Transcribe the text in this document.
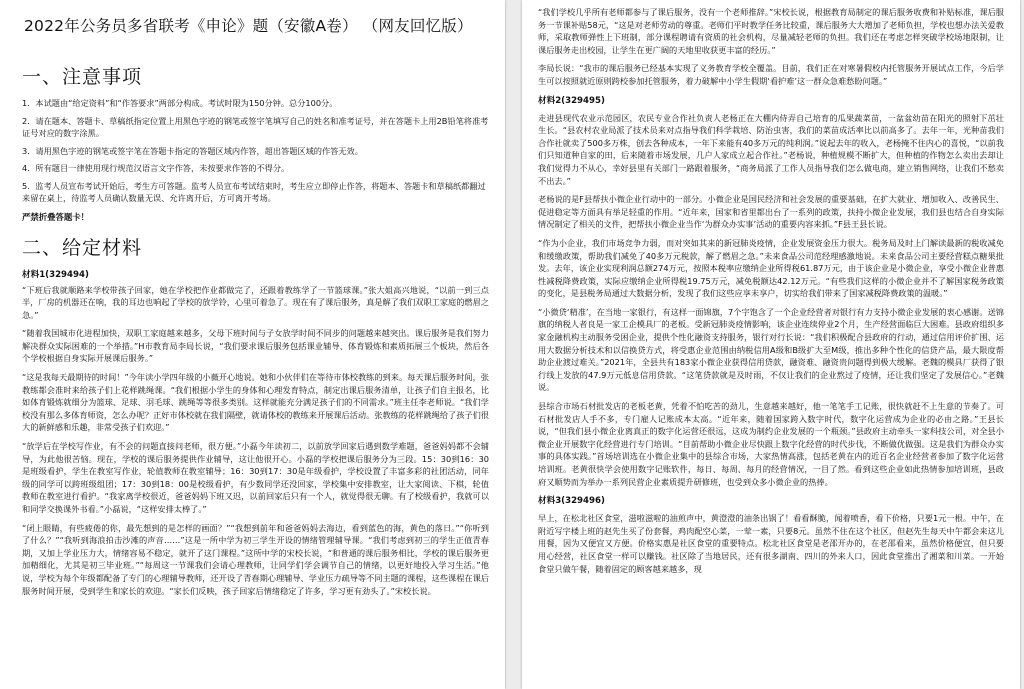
2022年公务员多省联考《申论》题（安徽A卷） （网友回忆版）
一、注意事项
1．本试题由“给定资料”和“作答要求”两部分构成。考试时限为150分钟。总分100分。
2．请在题本、答题卡、草稿纸指定位置上用黑色字迹的钢笔或签字笔填写自己的姓名和准考证号，并在答题卡上用2B铅笔将准考证号对应的数字涂黑。
3．请用黑色字迹的钢笔或签字笔在答题卡指定的答题区域内作答，超出答题区域的作答无效。
4．所有题目一律使用现行规范汉语言文字作答，未按要求作答的不得分。
5．监考人员宣布考试开始后，考生方可答题。监考人员宣布考试结束时，考生应立即停止作答，将题本、答题卡和草稿纸都翻过来留在桌上，待监考人员确认数量无误、允许离开后，方可离开考场。
严禁折叠答题卡！
二、给定材料
材料1(329494)
“下班后我就顺路来学校带孩子回家，她在学校把作业都做完了，还跟着教练学了一节篮球课。”张大姐高兴地说，“以前一到三点半，厂房的机器还在响，我的耳边也响起了学校的放学铃，心里可着急了。现在有了课后服务，真是解了我们双职工家庭的燃眉之急。”
“随着我国城市化进程加快，双职工家庭越来越多，父母下班时间与子女放学时间不同步的问题越来越突出。课后服务是我们努力解决群众实际困难的一个举措。”H市教育局李局长说，“我们要求课后服务包括课业辅导、体育锻炼和素质拓展三个板块，然后各个学校根据自身实际开展课后服务。”
“这是我每天最期待的时间！”今年读小学四年级的小薇开心地说。她和小伙伴们在等待市体校教练的到来。每天课后服务时间，张教练都会准时来给孩子们上花样跳绳课。“我们根据小学生的身体和心理发育特点，制定出课后服务清单，让孩子们自主报名，比如体育锻炼就细分为篮球、足球、羽毛球、跳绳等等很多类别。这样就能充分满足孩子们的不同需求。”班主任李老师说。“我们学校没有那么多体育师资，怎么办呢？正好市体校就在我们隔壁，就请体校的教练来开展课后活动。张教练的花样跳绳给了孩子们很大的新鲜感和乐趣，非常受孩子们欢迎。”
“放学后在学校写作业，有不会的问题直接问老师，很方便。”小磊今年读初二，以前放学回家后遇到数学难题，爸爸妈妈都不会辅导，为此他很苦恼。现在，学校的课后服务提供作业辅导，这让他很开心。小磊的学校把课后服务分为三段。15：30到16：30是班级看护，学生在教室写作业，轮值教师在教室辅导；16：30到17：30是年级看护，学校设置了丰富多彩的社团活动，同年级的同学可以跨班级组团；17：30到18：00是校级看护，有少数同学还没回家，学校集中安排教室，让大家阅读、下棋，轮值教师在教室进行看护。“我家离学校很近，爸爸妈妈下班又迟，以前回家后只有一个人，就觉得很无聊。有了校级看护，我就可以和同学交换课外书看。”小磊说，“这样安排太棒了。”
“闭上眼睛，有些疲倦的你，最先想到的是怎样的画面？”“我想到前年和爸爸妈妈去海边，看到蓝色的海，黄色的落日。”“你听到了什么？”“我听到海浪拍击沙滩的声音……”这是一所中学为初三学生开设的情绪管理辅导课。“我们考虑到初三的学生正值青春期，又加上学业压力大，情绪容易不稳定，就开了这门课程。”这所中学的宋校长说，“和普通的课后服务相比，学校的课后服务更加精细化，尤其是初三毕业班。”“每周这一节课我们会请心理教师，让同学们学会调节自己的情绪，以更好地投入学习生活。”他说，学校为每个年级都配备了专门的心理辅导教师，还开设了青春期心理辅导、学业压力疏导等不同主题的课程，这些课程在课后服务时间开展，受到学生和家长的欢迎。“家长们反映，孩子回家后情绪稳定了许多，学习更有劲头了。”宋校长说。
“我们学校几乎所有老师都参与了课后服务，没有一个老师推辞。”宋校长说，根据教育局制定的课后服务收费和补贴标准，课后服务一节课补贴58元，“这是对老师劳动的尊重。老师们平时教学任务比较重，课后服务大大增加了老师负担，学校也想办法关爱教师，采取教师弹性上下班制，部分课程聘请有资质的社会机构，尽量减轻老师的负担。我们还在考虑怎样突破学校场地限制，让课后服务走出校园，让学生在更广阔的天地里收获更丰富的经历。”
李局长说：“我市的课后服务已经基本实现了义务教育学校全覆盖。目前，我们正在对寒暑假校内托管服务开展试点工作，今后学生可以按照就近原则跨校参加托管服务，着力破解中小学生假期‘看护难’这一群众急难愁盼问题。”
材料2(329495)
走进县现代农业示范园区，农民专业合作社负责人老杨正在大棚内侍弄自己培育的瓜果蔬菜苗，一盆盆幼苗在阳光的照射下茁壮生长。“县农村农业局派了技术员来对点指导我们科学栽培、防治虫害，我们的菜苗成活率比以前高多了。去年一年，光种苗我们合作社就卖了500多万株，创去各种成本，一年下来能有40多万元的纯利润。”说起去年的收入，老杨掩不住内心的喜悦，“以前我们只知道种自家的田，后来随着市场发展，几户人家成立起合作社。”老杨说，种植规模不断扩大，但种植的作物怎么卖出去却让我们觉得力不从心，幸好县里有关部门一路跟着服务，“商务局派了工作人员指导我们怎么做电商，建立销售网络，让我们不愁卖不出去。”
老杨说的是F县帮扶小微企业行动中的一部分。小微企业是国民经济和社会发展的重要基础，在扩大就业、增加收入、改善民生、促进稳定等方面具有举足轻重的作用。“近年来，国家和省里都出台了一系列的政策，扶持小微企业发展，我们县也结合自身实际情况制定了相关的文件，把帮扶小微企业当作‘为群众办实事’活动的重要内容来抓。”F县王县长说。
“作为小企业，我们市场竞争力弱，而对突如其来的新冠肺炎疫情，企业发展资金压力很大。税务局及时上门解读最新的税收减免和缓缴政策，帮助我们减免了40多万元税款，解了燃眉之急。”未来食品公司范经理感激地说。未来食品公司主要经营糕点糖果批发。去年，该企业实现利润总额274万元，按照本税率应缴纳企业所得税61.87万元，由于该企业是小微企业，享受小微企业普惠性减税降费政策，实际应缴纳企业所得税19.75万元，减免税额达42.12万元。“有些我们这样的小微企业并不了解国家税务政策的变化，是县税务局通过大数据分析，发现了我们这些应享未享户，切实给我们带来了国家减税降费政策的温暖。”
“小微贷‘精准’，在当地一家银行，有这样一面锦旗，7个字饱含了一个企业经营者对银行有力支持小微企业发展的衷心感谢。送锦旗的纳税人者良是一家工企模具厂的老板。受新冠肺炎疫情影响，该企业连续停业2个月，生产经营面临巨大困难。县政府组织多家金融机构主动服务受困企业，提供个性化融资支持服务，银行对行长说：“我们积极配合县政府的行动，通过信用评价扩围、运用大数据分析技术和以信换贷方式，将受惠企业范围由纳税信用A级和B级扩大至M级，推出多种个性化的信贷产品，最大限度帮助企业渡过难关。”2021年，全县共有183家小微企业获得信用贷款，融资难、融资贵问题得到极大缓解。老魏的模具厂获得了银行线上发放的47.9万元低息信用贷款。“这笔贷款就是及时雨，不仅让我们的企业熬过了疫情，还让我们坚定了发展信心。”老魏说。
县综合市场石材批发店的老板老黄，凭着不怕吃苦的劲儿，生意越来越好，他一笔笔手工记账，很快就赶不上生意的节奏了。可石材批发店人手不多，专门雇人记账成本太高。“近年来，随着国家跨入数字时代，数字化运营成为企业的必由之路。”王县长说，“但我们县小微企业离真正的数字化运营还很远，这成为制约企业发展的一个瓶颈。”县政府主动牵头一家科技公司，对全县小微企业开展数字化经营进行专门培训。“目前帮助小微企业尽快跟上数字化经营的时代步伐，不断做优做强。这是我们为群众办实事的具体实践。”首场培训选在小微企业集中的县综合市场，大家热情高涨，包括老黄在内的近百名企业经营者参加了数字化运营培训班。老黄很快学会使用数字记账软件，每日、每周、每月的经营情况，一目了然。看到这些企业如此热情参加培训班，县政府又顺势而为举办一系列民营企业素质提升研修班，也受到众多小微企业的热捧。
材料3(329496)
早上，在松北社区食堂，滋啦滋啦的油煎声中，黄澄澄的油条出锅了！看看酥脆，闻着喷香，看下价格，只要1元一根。中午，在附近写字楼上班的赵先生买了份套餐，鸡肉配空心菜，一荤一素，只要8元。虽然不住在这个社区，但赵先生每天中午都会来这儿用餐，因为又便宜又方便。价格实惠是社区食堂的重要特点。松北社区食堂是老邵开办的，在老邵看来，虽然价格便宜，但只要用心经营，社区食堂一样可以赚钱。社区除了当地居民，还有很多湖南、四川的外来人口，因此食堂推出了湘菜和川菜。一开始食堂只做午餐，随着固定的顾客越来越多，现
